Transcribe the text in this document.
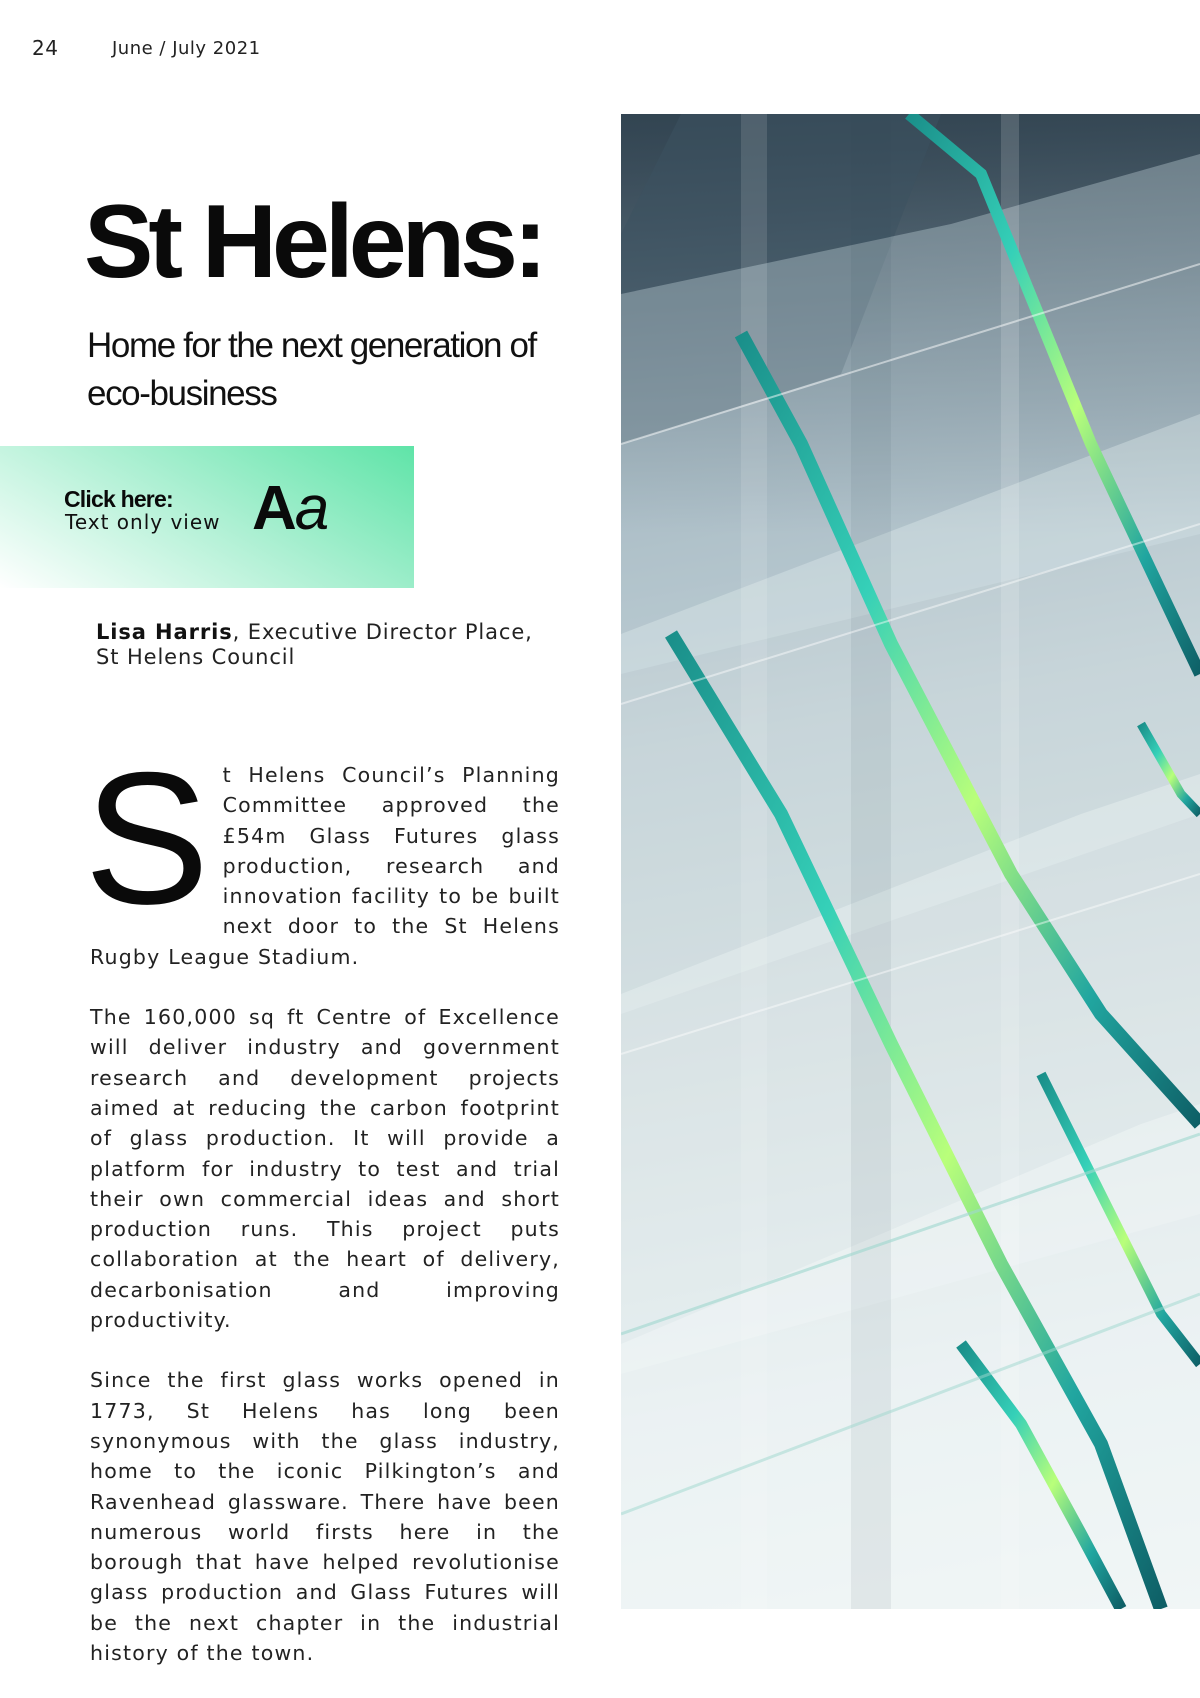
24	June / July 2021
St Helens:
Home for the next generation of eco-business
Click here:
Text only view Aa
Lisa Harris, Executive Director Place, St Helens Council

St Helens Council’s Planning Committee approved the £54m Glass Futures glass production, research and innovation facility to be built next door to the St Helens Rugby League Stadium.

The 160,000 sq ft Centre of Excellence will deliver industry and government research and development projects aimed at reducing the carbon footprint of glass production. It will provide a platform for industry to test and trial their own commercial ideas and short production runs. This project puts collaboration at the heart of delivery, decarbonisation and improving productivity.

Since the first glass works opened in 1773, St Helens has long been synonymous with the glass industry, home to the iconic Pilkington’s and Ravenhead glassware. There have been numerous world firsts here in the borough that have helped revolutionise glass production and Glass Futures will be the next chapter in the industrial history of the town.
